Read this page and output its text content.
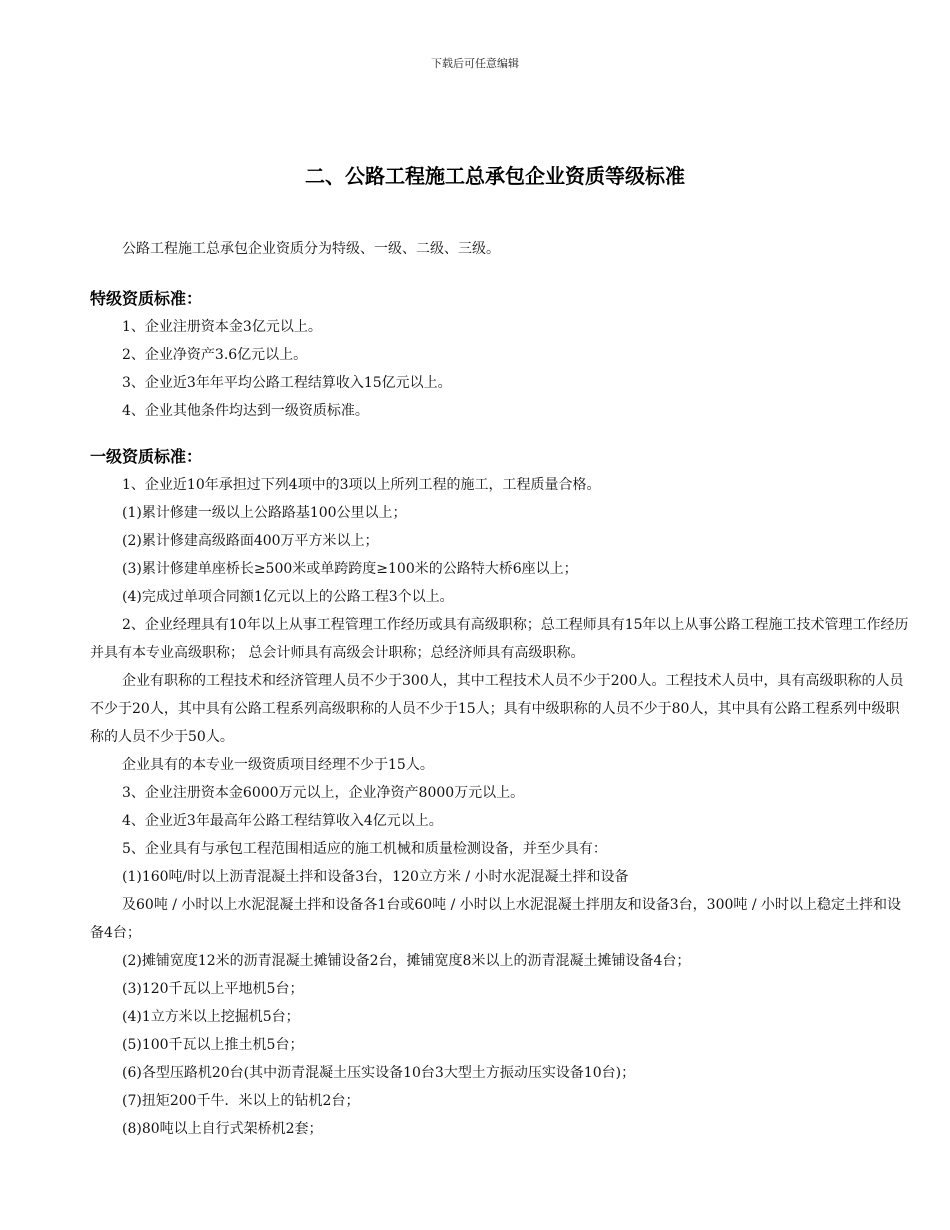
下载后可任意编辑
二、公路工程施工总承包企业资质等级标准

公路工程施工总承包企业资质分为特级、一级、二级、三级。

特级资质标准：

1、企业注册资本金3亿元以上。

2、企业净资产3.6亿元以上。

3、企业近3年年平均公路工程结算收入15亿元以上。

4、企业其他条件均达到一级资质标准。

一级资质标准：

1、企业近10年承担过下列4项中的3项以上所列工程的施工，工程质量合格。

(1)累计修建一级以上公路路基100公里以上；

(2)累计修建高级路面400万平方米以上；

(3)累计修建单座桥长≥500米或单跨跨度≥100米的公路特大桥6座以上；

(4)完成过单项合同额1亿元以上的公路工程3个以上。

2、企业经理具有10年以上从事工程管理工作经历或具有高级职称；总工程师具有15年以上从事公路工程施工技术管理工作经历并具有本专业高级职称； 总会计师具有高级会计职称；总经济师具有高级职称。

企业有职称的工程技术和经济管理人员不少于300人，其中工程技术人员不少于200人。工程技术人员中，具有高级职称的人员不少于20人，其中具有公路工程系列高级职称的人员不少于15人；具有中级职称的人员不少于80人，其中具有公路工程系列中级职称的人员不少于50人。

企业具有的本专业一级资质项目经理不少于15人。

3、企业注册资本金6000万元以上，企业净资产8000万元以上。

4、企业近3年最高年公路工程结算收入4亿元以上。

5、企业具有与承包工程范围相适应的施工机械和质量检测设备，并至少具有：

(1)160吨/时以上沥青混凝土拌和设备3台，120立方米 / 小时水泥混凝土拌和设备

及60吨 / 小时以上水泥混凝土拌和设备各1台或60吨 / 小时以上水泥混凝土拌朋友和设备3台，300吨 / 小时以上稳定土拌和设备4台；

(2)摊铺宽度12米的沥青混凝土摊铺设备2台，摊铺宽度8米以上的沥青混凝土摊铺设备4台；

(3)120千瓦以上平地机5台；

(4)1立方米以上挖掘机5台；

(5)100千瓦以上推土机5台；

(6)各型压路机20台(其中沥青混凝土压实设备10台3大型土方振动压实设备10台)；

(7)扭矩200千牛．米以上的钻机2台；

(8)80吨以上自行式架桥机2套；
